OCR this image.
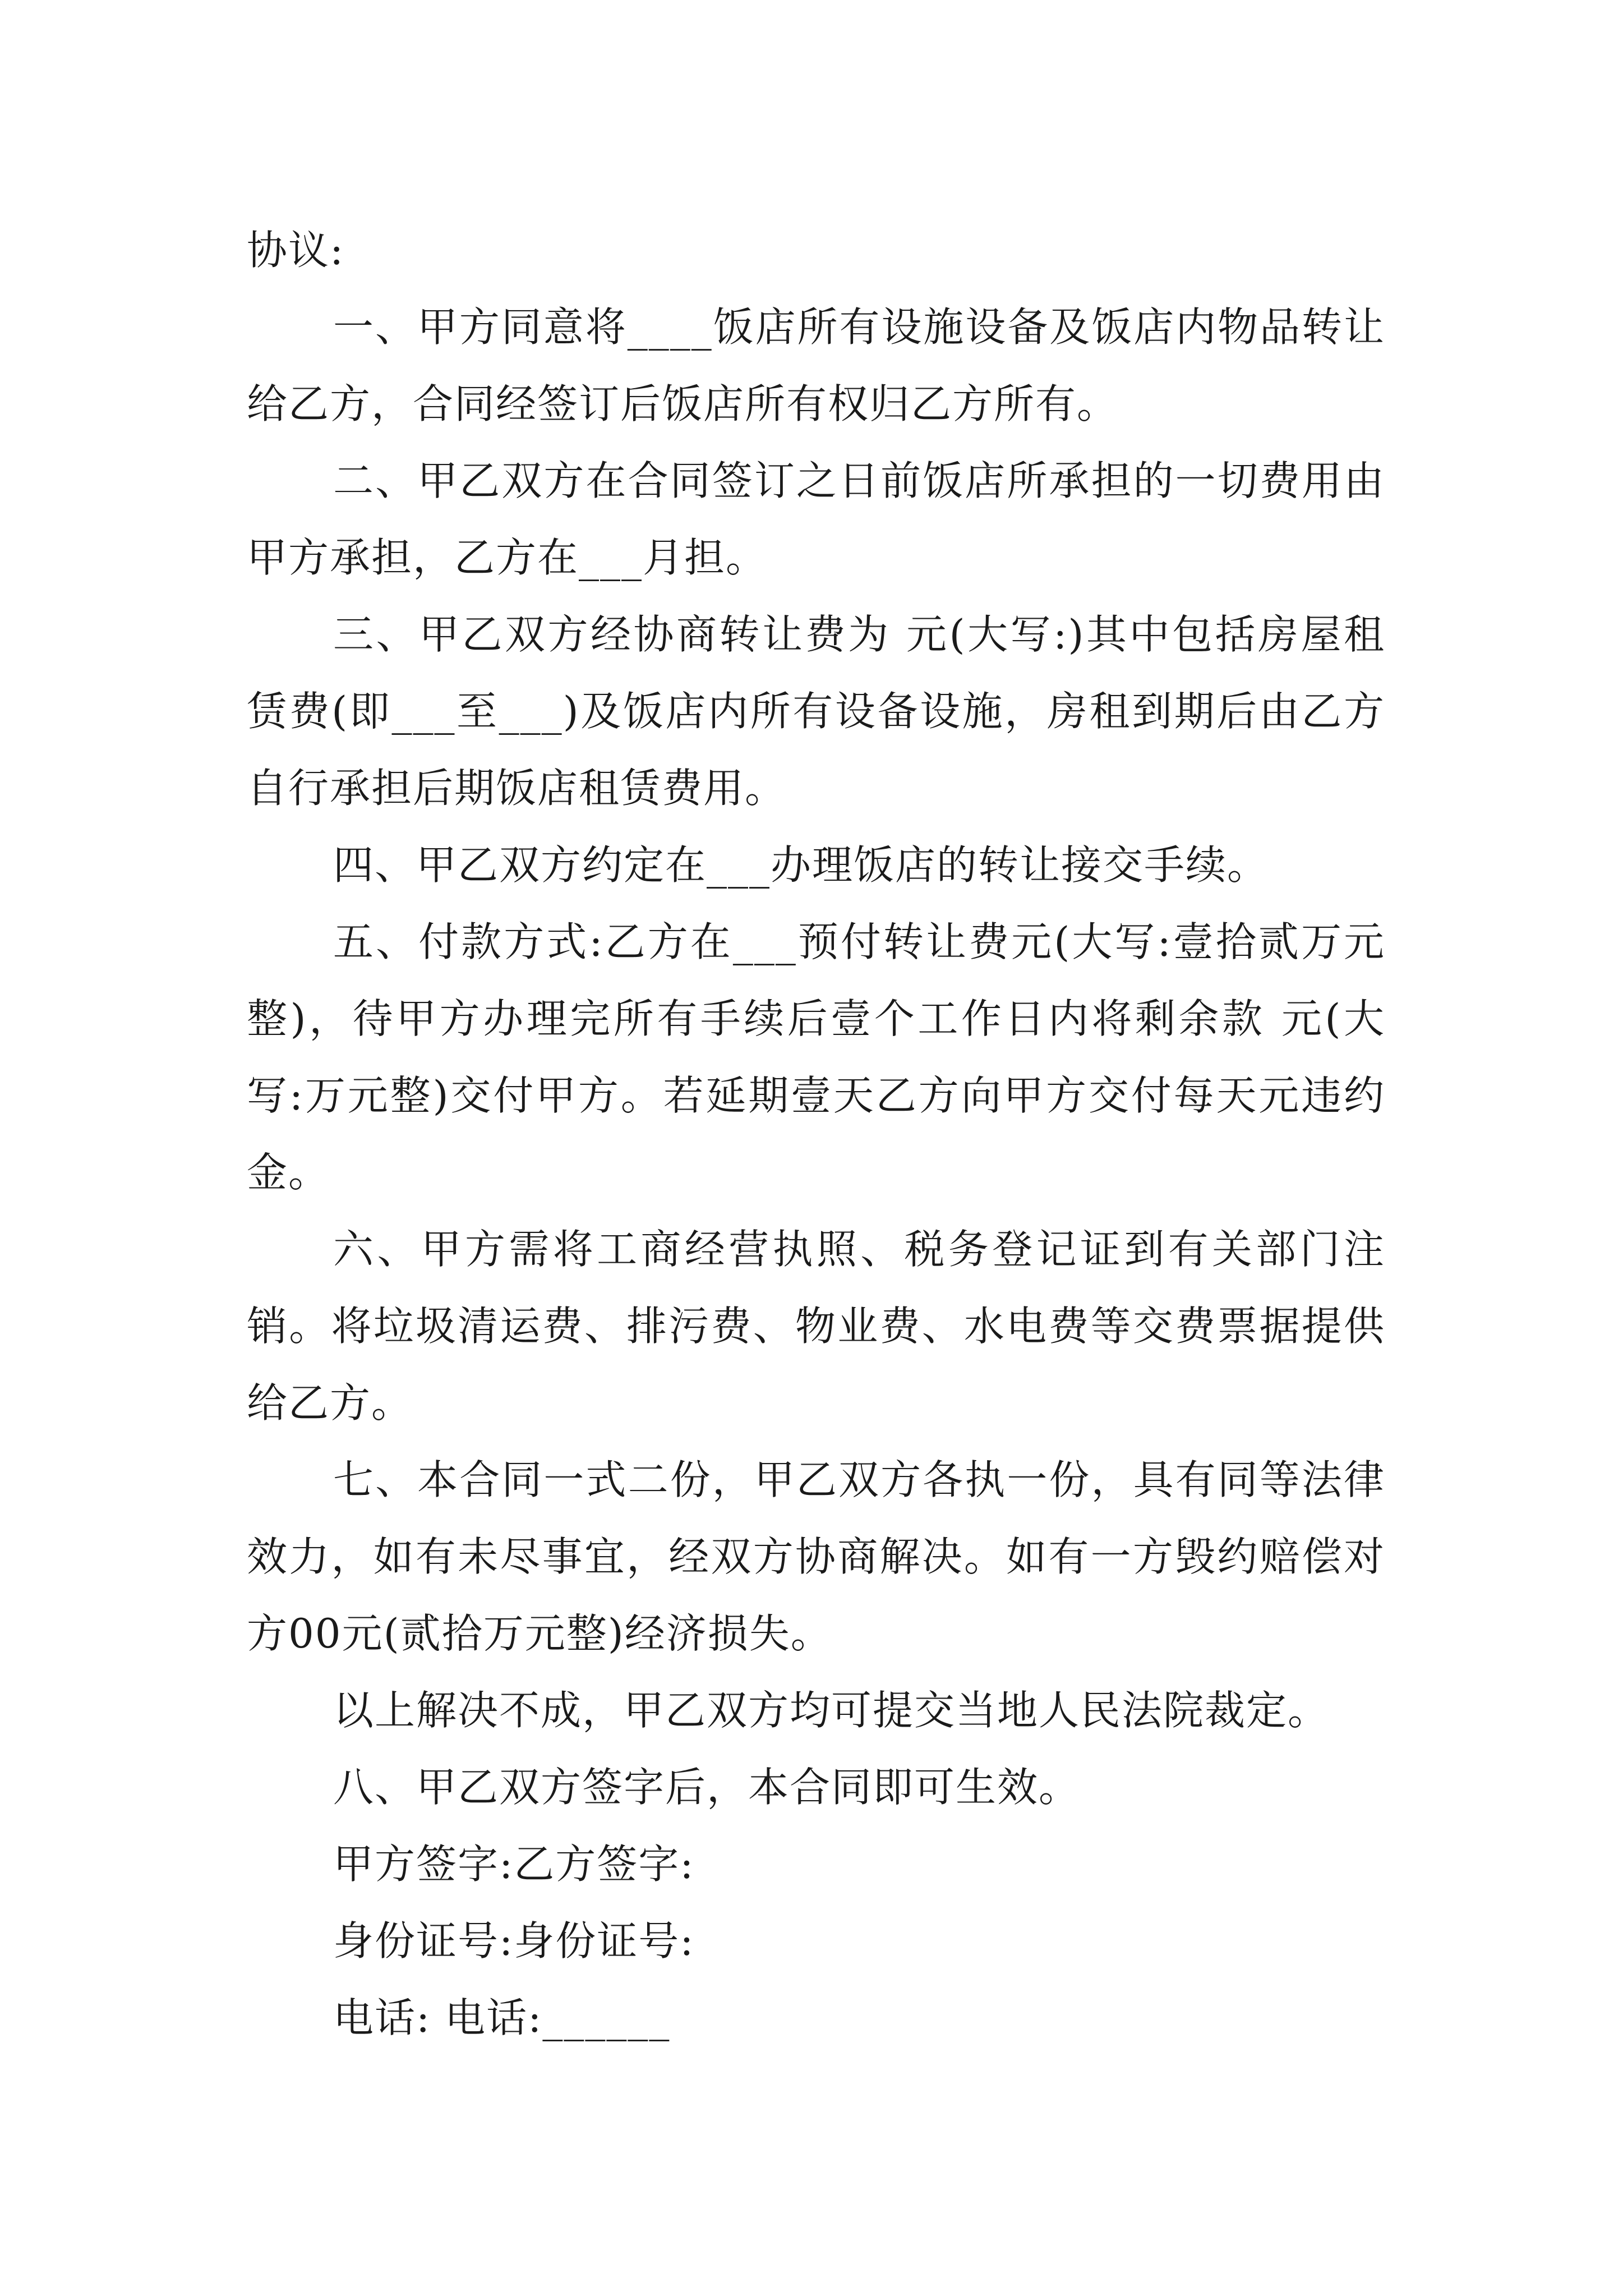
协议:

一、甲方同意将____饭店所有设施设备及饭店内物品转让给乙方，合同经签订后饭店所有权归乙方所有。

二、甲乙双方在合同签订之日前饭店所承担的一切费用由甲方承担，乙方在___月担。

三、甲乙双方经协商转让费为 元(大写:)其中包括房屋租赁费(即___至___)及饭店内所有设备设施，房租到期后由乙方自行承担后期饭店租赁费用。

四、甲乙双方约定在___办理饭店的转让接交手续。

五、付款方式:乙方在___预付转让费元(大写:壹拾贰万元整)，待甲方办理完所有手续后壹个工作日内将剩余款 元(大写:万元整)交付甲方。若延期壹天乙方向甲方交付每天元违约金。

六、甲方需将工商经营执照、税务登记证到有关部门注销。将垃圾清运费、排污费、物业费、水电费等交费票据提供给乙方。

七、本合同一式二份，甲乙双方各执一份，具有同等法律效力，如有未尽事宜，经双方协商解决。如有一方毁约赔偿对方00元(贰拾万元整)经济损失。

以上解决不成，甲乙双方均可提交当地人民法院裁定。

八、甲乙双方签字后，本合同即可生效。

甲方签字:乙方签字:

身份证号:身份证号:

电话: 电话:______
